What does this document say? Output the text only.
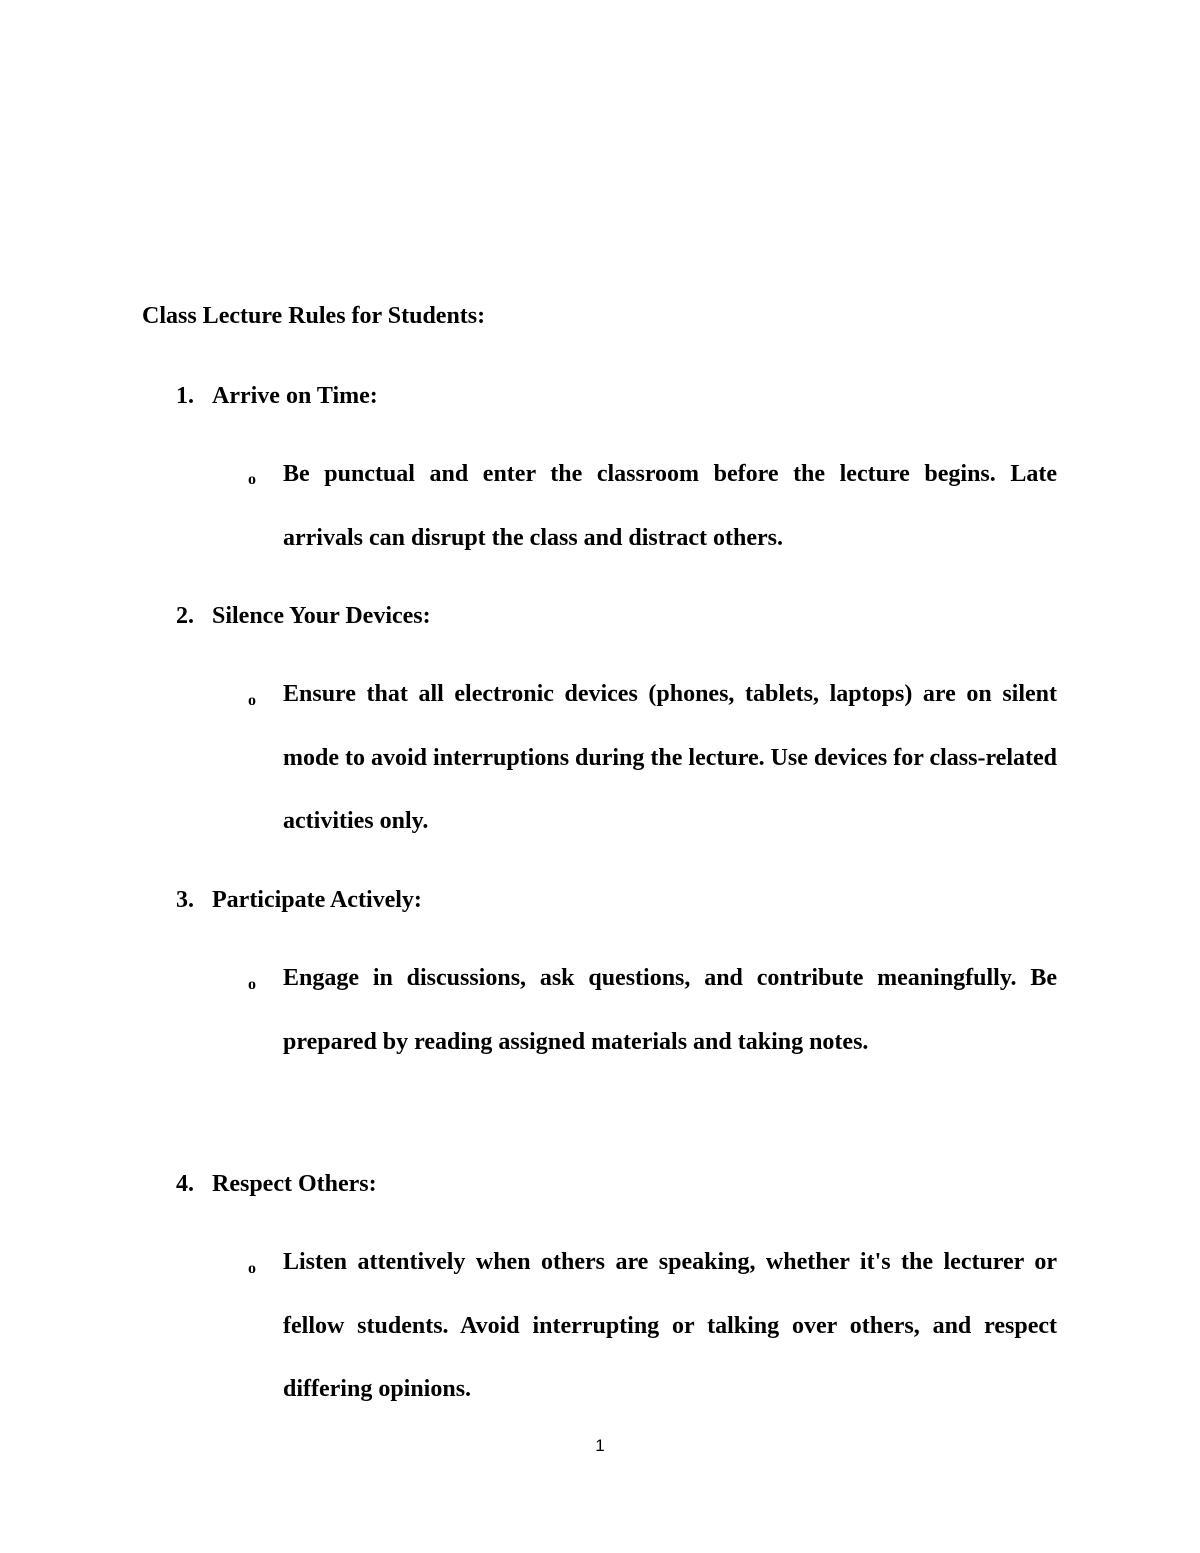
Class Lecture Rules for Students:
1. Arrive on Time:
o Be punctual and enter the classroom before the lecture begins. Late arrivals can disrupt the class and distract others.
2. Silence Your Devices:
o Ensure that all electronic devices (phones, tablets, laptops) are on silent mode to avoid interruptions during the lecture. Use devices for class-related activities only.
3. Participate Actively:
o Engage in discussions, ask questions, and contribute meaningfully. Be prepared by reading assigned materials and taking notes.
4. Respect Others:
o Listen attentively when others are speaking, whether it's the lecturer or fellow students. Avoid interrupting or talking over others, and respect differing opinions.
1
